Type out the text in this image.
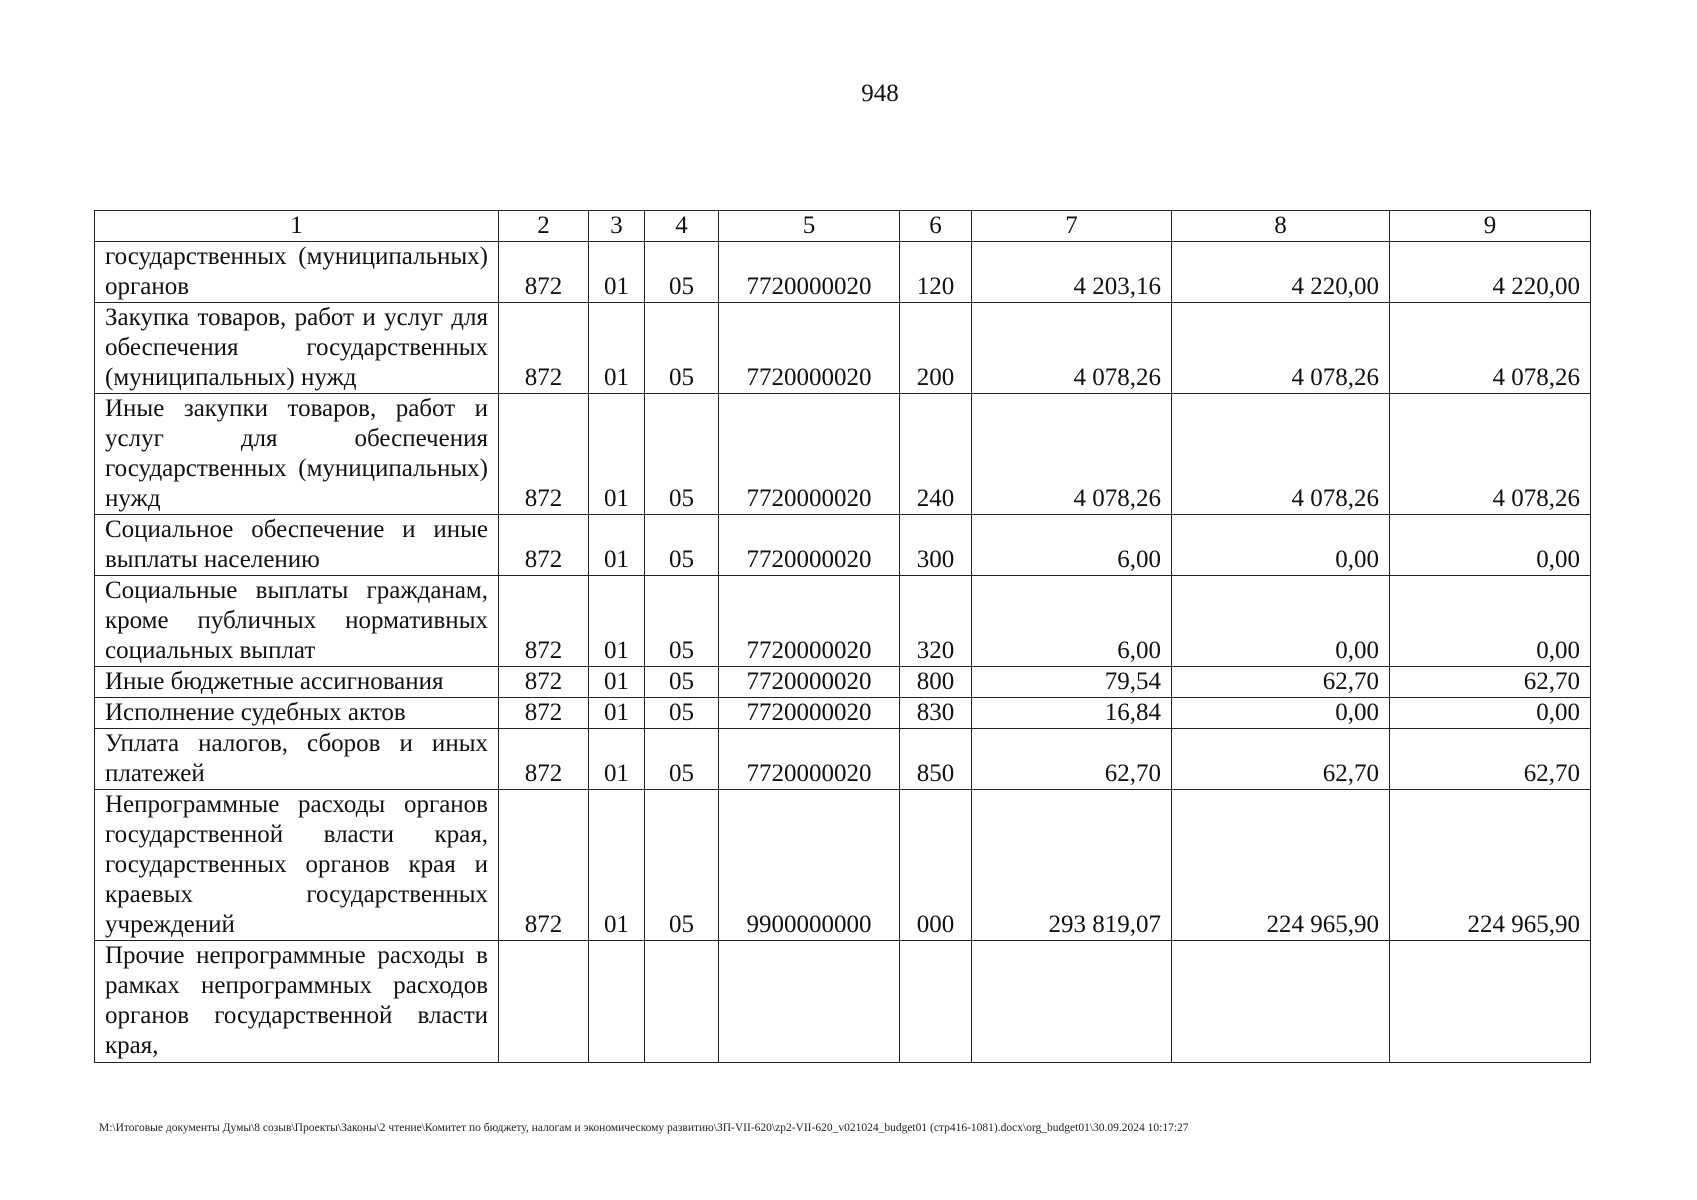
948
1	2	3	4	5	6	7	8	9
государственных (муниципальных) органов	872	01	05	7720000020	120	4 203,16	4 220,00	4 220,00
Закупка товаров, работ и услуг для обеспечения государственных (муниципальных) нужд	872	01	05	7720000020	200	4 078,26	4 078,26	4 078,26
Иные закупки товаров, работ и услуг для обеспечения государственных (муниципальных) нужд	872	01	05	7720000020	240	4 078,26	4 078,26	4 078,26
Социальное обеспечение и иные выплаты населению	872	01	05	7720000020	300	6,00	0,00	0,00
Социальные выплаты гражданам, кроме публичных нормативных социальных выплат	872	01	05	7720000020	320	6,00	0,00	0,00
Иные бюджетные ассигнования	872	01	05	7720000020	800	79,54	62,70	62,70
Исполнение судебных актов	872	01	05	7720000020	830	16,84	0,00	0,00
Уплата налогов, сборов и иных платежей	872	01	05	7720000020	850	62,70	62,70	62,70
Непрограммные расходы органов государственной власти края, государственных органов края и краевых государственных учреждений	872	01	05	9900000000	000	293 819,07	224 965,90	224 965,90
Прочие непрограммные расходы в рамках непрограммных расходов органов государственной власти края,								
M:\Итоговые документы Думы\8 созыв\Проекты\Законы\2 чтение\Комитет по бюджету, налогам и экономическому развитию\ЗП-VII-620\zp2-VII-620_v021024_budget01 (стр416-1081).docx\org_budget01\30.09.2024 10:17:27
